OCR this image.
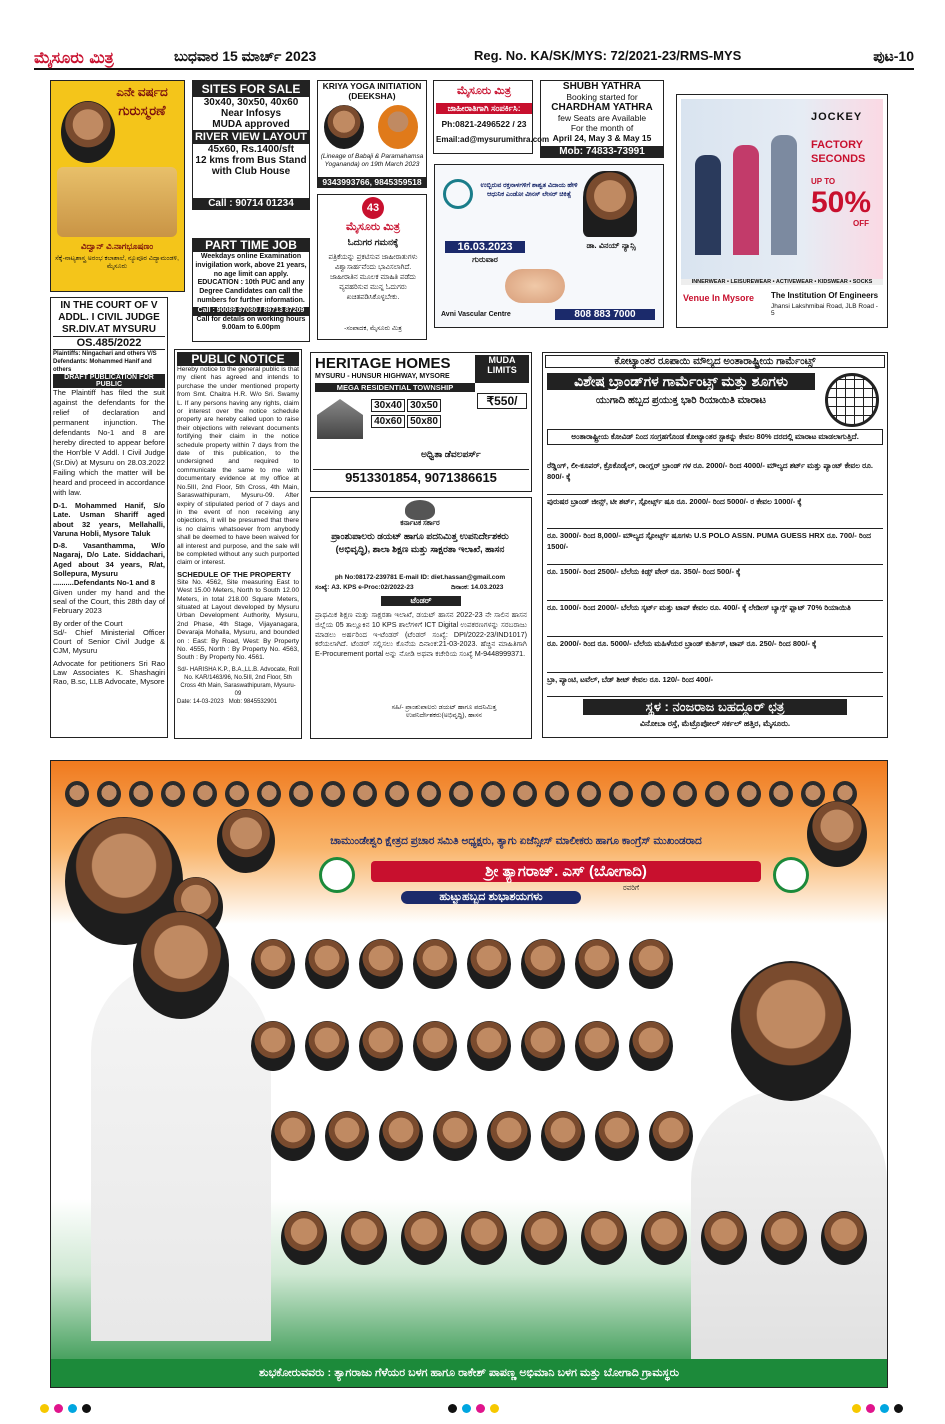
ಮೈಸೂರು ಮಿತ್ರ	ಬುಧವಾರ 15 ಮಾರ್ಚ್ 2023	Reg. No. KA/SK/MYS: 72/2021-23/RMS-MYS	ಪುಟ-10
ಎನೇ ವರ್ಷದ
ಗುರುಸ್ಮರಣೆ
ವಿದ್ವಾನ್ ವಿ.ನಾಗಭೂಷಣಂ
ಸೆಕ್ಕೆ-ನಾಟ್ಯಶಾಸ್ತ್ರ ಅರಂಭ ಕಲಾಶಾಲೆ, ನ್ಯೂಪೂರ ವಿದ್ಯಾಮಂಡಳಿ, ಮೈಸೂರು
SITES FOR SALE
30x40, 30x50, 40x60
Near Infosys
MUDA approved
RIVER VIEW LAYOUT
45x60, Rs.1400/sft
12 kms from Bus Stand
with Club House
Call : 90714 01234
KRIYA YOGA INITIATION
(DEEKSHA)
(Lineage of Babaji & Paramahamsa Yogananda) on 19th March 2023
9343993766, 9845359518
ಮೈಸೂರು ಮಿತ್ರ
ಜಾಹೀರಾತಿಗಾಗಿ ಸಂಪರ್ಕಿಸಿ:
Ph:0821-2496522 / 23
Email:ad@mysurumithra.com
SHUBH YATHRA
Booking started for
CHARDHAM YATHRA
few Seats are Available
For the month of
April 24, May 3 & May 15
Mob: 74833-73991
JOCKEY
FACTORY
SECONDS
UP TO
50%
OFF
INNERWEAR • LEISUREWEAR • ACTIVEWEAR • KIDSWEAR • SOCKS
Venue In Mysore	The Institution Of Engineers
Jhansi Lakshmibai Road, JLB Road - 5
43
ಮೈಸೂರು ಮಿತ್ರ
ಓದುಗರ ಗಮನಕ್ಕೆ
ಪತ್ರಿಕೆಯನ್ನು ಪ್ರಕಟಿಸುವ ಜಾಹೀರಾತುಗಳು ವಿಶ್ವಾಸಾರ್ಹವೆಂದು ಭಾವಿಸಲಾಗಿದೆ. ಜಾಹೀರಾತಿನ ಮೂಲಕ ಮಾಹಿತಿ ಪಡೆದು ವ್ಯವಹರಿಸುವ ಮುನ್ನ ಓದುಗರು ಖಚಿತಪಡಿಸಿಕೊಳ್ಳಬೇಕು.
-ಸಂಪಾದಕ, ಮೈಸೂರು ಮಿತ್ರ
ಉಬ್ಬಿರುವ ರಕ್ತನಾಳಗಳಿಗೆ ಶಾಶ್ವತ ವಿದಾಯ ಹೇಳಿ ಆಧುನಿಕ ಎಂಡೋ ವೀನಸ್ ಲೇಸರ್ ಚಿಕಿತ್ಸೆ
16.03.2023
ಗುರುವಾರ
ಡಾ. ವಿನಯ್ ನ್ಯಾನ್ಸಿ
Avni Vascular Centre	808 883 7000
IN THE COURT OF V ADDL. I CIVIL JUDGE SR.DIV.AT MYSURU
OS.485/2022
Plaintiffs: Ningachari and others V/S
Defendants: Mohammed Hanif and others
DRAFT PUBLICATION FOR PUBLIC
The Plaintiff has filed the suit against the defendants for the relief of declaration and permanent injunction. The defendants No-1 and 8 are hereby directed to appear before the Hon'ble V Addl. I Civil Judge (Sr.Div) at Mysuru on 28.03.2022 Failing which the matter will be heard and proceed in accordance with law.
D-1. Mohammed Hanif, S/o Late. Usman Shariff aged about 32 years, Mellahalli, Varuna Hobli, Mysore Taluk
D-8. Vasanthamma, W/o Nagaraj, D/o Late. Siddachari, Aged about 34 years, R/at, Sollepura, Mysuru
..........Defendants No-1 and 8
Given under my hand and the seal of the Court, this 28th day of February 2023
By order of the Court
Sd/- Chief Ministerial Officer Court of Senior Civil Judge & CJM, Mysuru
Advocate for petitioners Sri Rao Law Associates K. Shashagiri Rao, B.sc, LLB Advocate, Mysore
PART TIME JOB
Weekdays online Examination invigilation work, above 21 years, no age limit can apply. EDUCATION : 10th PUC and any Degree Candidates can call the numbers for further information.
Call : 90089 97080 / 89713 87209
Call for details on working hours 9.00am to 6.00pm
PUBLIC NOTICE
Hereby notice to the general public is that my client has agreed and intends to purchase the under mentioned property from Smt. Chaitra H.R. W/o Sri. Swamy L. If any persons having any rights, claim or interest over the notice schedule property are hereby called upon to raise their objections with relevant documents fortifying their claim in the notice schedule property within 7 days from the date of this publication, to the undersigned and required to communicate the same to me with documentary evidence at my office at No.5III, 2nd Floor, 5th Cross, 4th Main, Saraswathipuram, Mysuru-09. After expiry of stipulated period of 7 days and in the event of non receiving any objections, it will be presumed that there is no claims whatsoever from anybody shall be deemed to have been waived for all interest and purpose, and the sale will be completed without any such purported claim or interest.
SCHEDULE OF THE PROPERTY
Site No. 4562, Site measuring East to West 15.00 Meters, North to South 12.00 Meters, in total 218.00 Square Meters, situated at Layout developed by Mysuru Urban Development Authority, Mysuru, 2nd Phase, 4th Stage, Vijayanagara, Devaraja Mohalla, Mysuru, and bounded on : East: By Road, West: By Property No. 4555, North : By Property No. 4563, South : By Property No. 4561.
Sd/- HARISHA K.P., B.A.,LL.B. Advocate, Roll No. KAR/1463/96, No.5III, 2nd Floor, 5th Cross 4th Main, Saraswathipuram, Mysuru-09
Date: 14-03-2023 Mob: 9845532901
HERITAGE HOMES
MYSURU - HUNSUR HIGHWAY, MYSORE
MUDA LIMITS
MEGA RESIDENTIAL TOWNSHIP
30x40 30x50
40x60 50x80
₹550/
ಅಧ್ವಿತಾ ಡೆವಲಪರ್ಸ್
9513301854, 9071386615
ಕರ್ನಾಟಕ ಸರ್ಕಾರ
ಪ್ರಾಂಶುಪಾಲರು ಡಯಟ್ ಹಾಗೂ ಪದನಿಮಿತ್ತ ಉಪನಿರ್ದೇಶಕರು (ಅಭಿವೃದ್ಧಿ), ಶಾಲಾ ಶಿಕ್ಷಣ ಮತ್ತು ಸಾಕ್ಷರತಾ ಇಲಾಖೆ, ಹಾಸನ
ph No:08172-239781 E-mail ID: diet.hassan@gmail.com
ಸಂಖ್ಯೆ: A3. KPS e-Proc:02/2022-23	ದಿನಾಂಕ: 14.03.2023
ಟೆಂಡರ್
ಪ್ರಾಥಮಿಕ ಶಿಕ್ಷಣ ಮತ್ತು ಸಾಕ್ಷರತಾ ಇಲಾಖೆ, ಡಯಟ್ ಹಾಸನ 2022-23 ನೇ ಸಾಲಿನ ಹಾಸನ ಜಿಲ್ಲೆಯ 05 ತಾಲ್ಲೂಕಿನ 10 KPS ಶಾಲೆಗಳಿಗೆ ICT Digital ಉಪಕರಣಗಳನ್ನು ಸರಬರಾಜು ಮಾಡಲು ಅರ್ಹರಿಂದ ಇ-ಟೆಂಡರ್ (ಟೆಂಡರ್ ಸಂಖ್ಯೆ: DPI/2022-23/IND1017) ಕರೆಯಲಾಗಿದೆ. ಟೆಂಡರ್ ಸಲ್ಲಿಸಲು ಕೊನೆಯ ದಿನಾಂಕ:21-03-2023. ಹೆಚ್ಚಿನ ಮಾಹಿತಿಗಾಗಿ E-Procurement portal ಅನ್ನು ನೋಡಿ ಅಥವಾ ಕಚೇರಿಯ ಸಂಖ್ಯೆ M-9448999371.
ಸಹಿ/- ಪ್ರಾಂಶುಪಾಲರು ಡಯಟ್ ಹಾಗೂ ಪದನಿಮಿತ್ತ ಉಪನಿರ್ದೇಶಕರು(ಅಭಿವೃದ್ಧಿ), ಹಾಸನ
ಕೋಟ್ಯಾಂತರ ರೂಪಾಯಿ ಮೌಲ್ಯದ ಅಂತಾರಾಷ್ಟ್ರೀಯ ಗಾರ್ಮೆಂಟ್ಸ್
ವಿಶೇಷ ಬ್ರಾಂಡ್‌ಗಳ ಗಾರ್ಮೆಂಟ್ಸ್ ಮತ್ತು ಶೂಗಳು
ಯುಗಾದಿ ಹಬ್ಬದ ಪ್ರಯುಕ್ತ ಭಾರಿ ರಿಯಾಯಿತಿ ಮಾರಾಟ
ಅಂತಾರಾಷ್ಟ್ರೀಯ ಕೋವಿಡ್ ನಿಂದ ಸಂಗ್ರಹಗೊಂಡ ಕೋಟ್ಯಾಂತರ ಸ್ಟಾಕನ್ನು ಕೇವಲ 80% ದರದಲ್ಲಿ ಮಾರಾಟ ಮಾಡಲಾಗುತ್ತಿದೆ.
ರೆಡ್ಡಿಂಗ್, ಲೀ-ಕೂಪರ್, ಕ್ರೊಕೊಡೈಲ್, ರಾಂಗ್ಲರ್ ಬ್ರಾಂಡ್ ಗಳ ರೂ. 2000/- ರಿಂದ 4000/- ಮೌಲ್ಯದ ಶರ್ಟ್ ಮತ್ತು ಪ್ಯಾಂಟ್ ಕೇವಲ ರೂ. 800/- ಕ್ಕೆ
ಪುರುಷರ ಬ್ರಾಂಡ್ ಜೀನ್ಸ್, ಟೀ ಶರ್ಟ್, ಸ್ಪೋರ್ಟ್ಸ್ ಷೂ ರೂ. 2000/- ರಿಂದ 5000/- ರ ಕೇವಲ 1000/- ಕ್ಕೆ
ರೂ. 3000/- ರಿಂದ 8,000/- ಮೌಲ್ಯದ ಸ್ಪೋರ್ಟ್ಸ್ ಷೂಗಳು U.S POLO ASSN. PUMA GUESS HRX ರೂ. 700/- ರಿಂದ 1500/-
ರೂ. 1500/- ರಿಂದ 2500/- ಬೆಲೆಯ ಕಿಡ್ಸ್ ವೇರ್ ರೂ. 350/- ರಿಂದ 500/- ಕ್ಕೆ
ರೂ. 1000/- ರಿಂದ 2000/- ಬೆಲೆಯ ಸ್ಕರ್ಟ್ ಮತ್ತು ಟಾಪ್ ಕೇವಲ ರೂ. 400/- ಕ್ಕೆ ಲೇಡೀಸ್ ಬ್ಯಾಗ್ಸ್ ಫ್ಲಾಟ್ 70% ರಿಯಾಯಿತಿ
ರೂ. 2000/- ರಿಂದ ರೂ. 5000/- ಬೆಲೆಯ ಮಹಿಳೆಯರ ಬ್ರಾಂಡ್ ಕುರ್ತಿಸ್, ಟಾಪ್ ರೂ. 250/- ರಿಂದ 800/- ಕ್ಕೆ
ಬ್ರಾ, ಪ್ಯಾಂಟಿ, ಟವೆಲ್, ಬೆಡ್ ಶೀಟ್ ಕೇವಲ ರೂ. 120/- ರಿಂದ 400/-
ಸ್ಥಳ : ನಂಜರಾಜ ಬಹದ್ದೂರ್ ಛತ್ರ
ವಿನೋಬಾ ರಸ್ತೆ, ಮೆಟ್ರೊಪೋಲ್ ಸರ್ಕಲ್ ಹತ್ತಿರ, ಮೈಸೂರು.
ಚಾಮುಂಡೇಶ್ವರಿ ಕ್ಷೇತ್ರದ ಪ್ರಚಾರ ಸಮಿತಿ ಅಧ್ಯಕ್ಷರು, ತ್ಯಾಗು ಏಜೆನ್ಸೀಸ್ ಮಾಲೀಕರು ಹಾಗೂ ಕಾಂಗ್ರೆಸ್ ಮುಖಂಡರಾದ
ಶ್ರೀ ತ್ಯಾಗರಾಜ್. ಎಸ್ (ಬೋಗಾದಿ)
ರವರಿಗೆ
ಹುಟ್ಟುಹಬ್ಬದ ಶುಭಾಶಯಗಳು
ಶುಭಕೋರುವವರು : ತ್ಯಾಗರಾಜು ಗೆಳೆಯರ ಬಳಗ ಹಾಗೂ ರಾಕೇಶ್ ಪಾಪಣ್ಣ ಅಭಿಮಾನಿ ಬಳಗ ಮತ್ತು ಬೋಗಾದಿ ಗ್ರಾಮಸ್ಥರು
